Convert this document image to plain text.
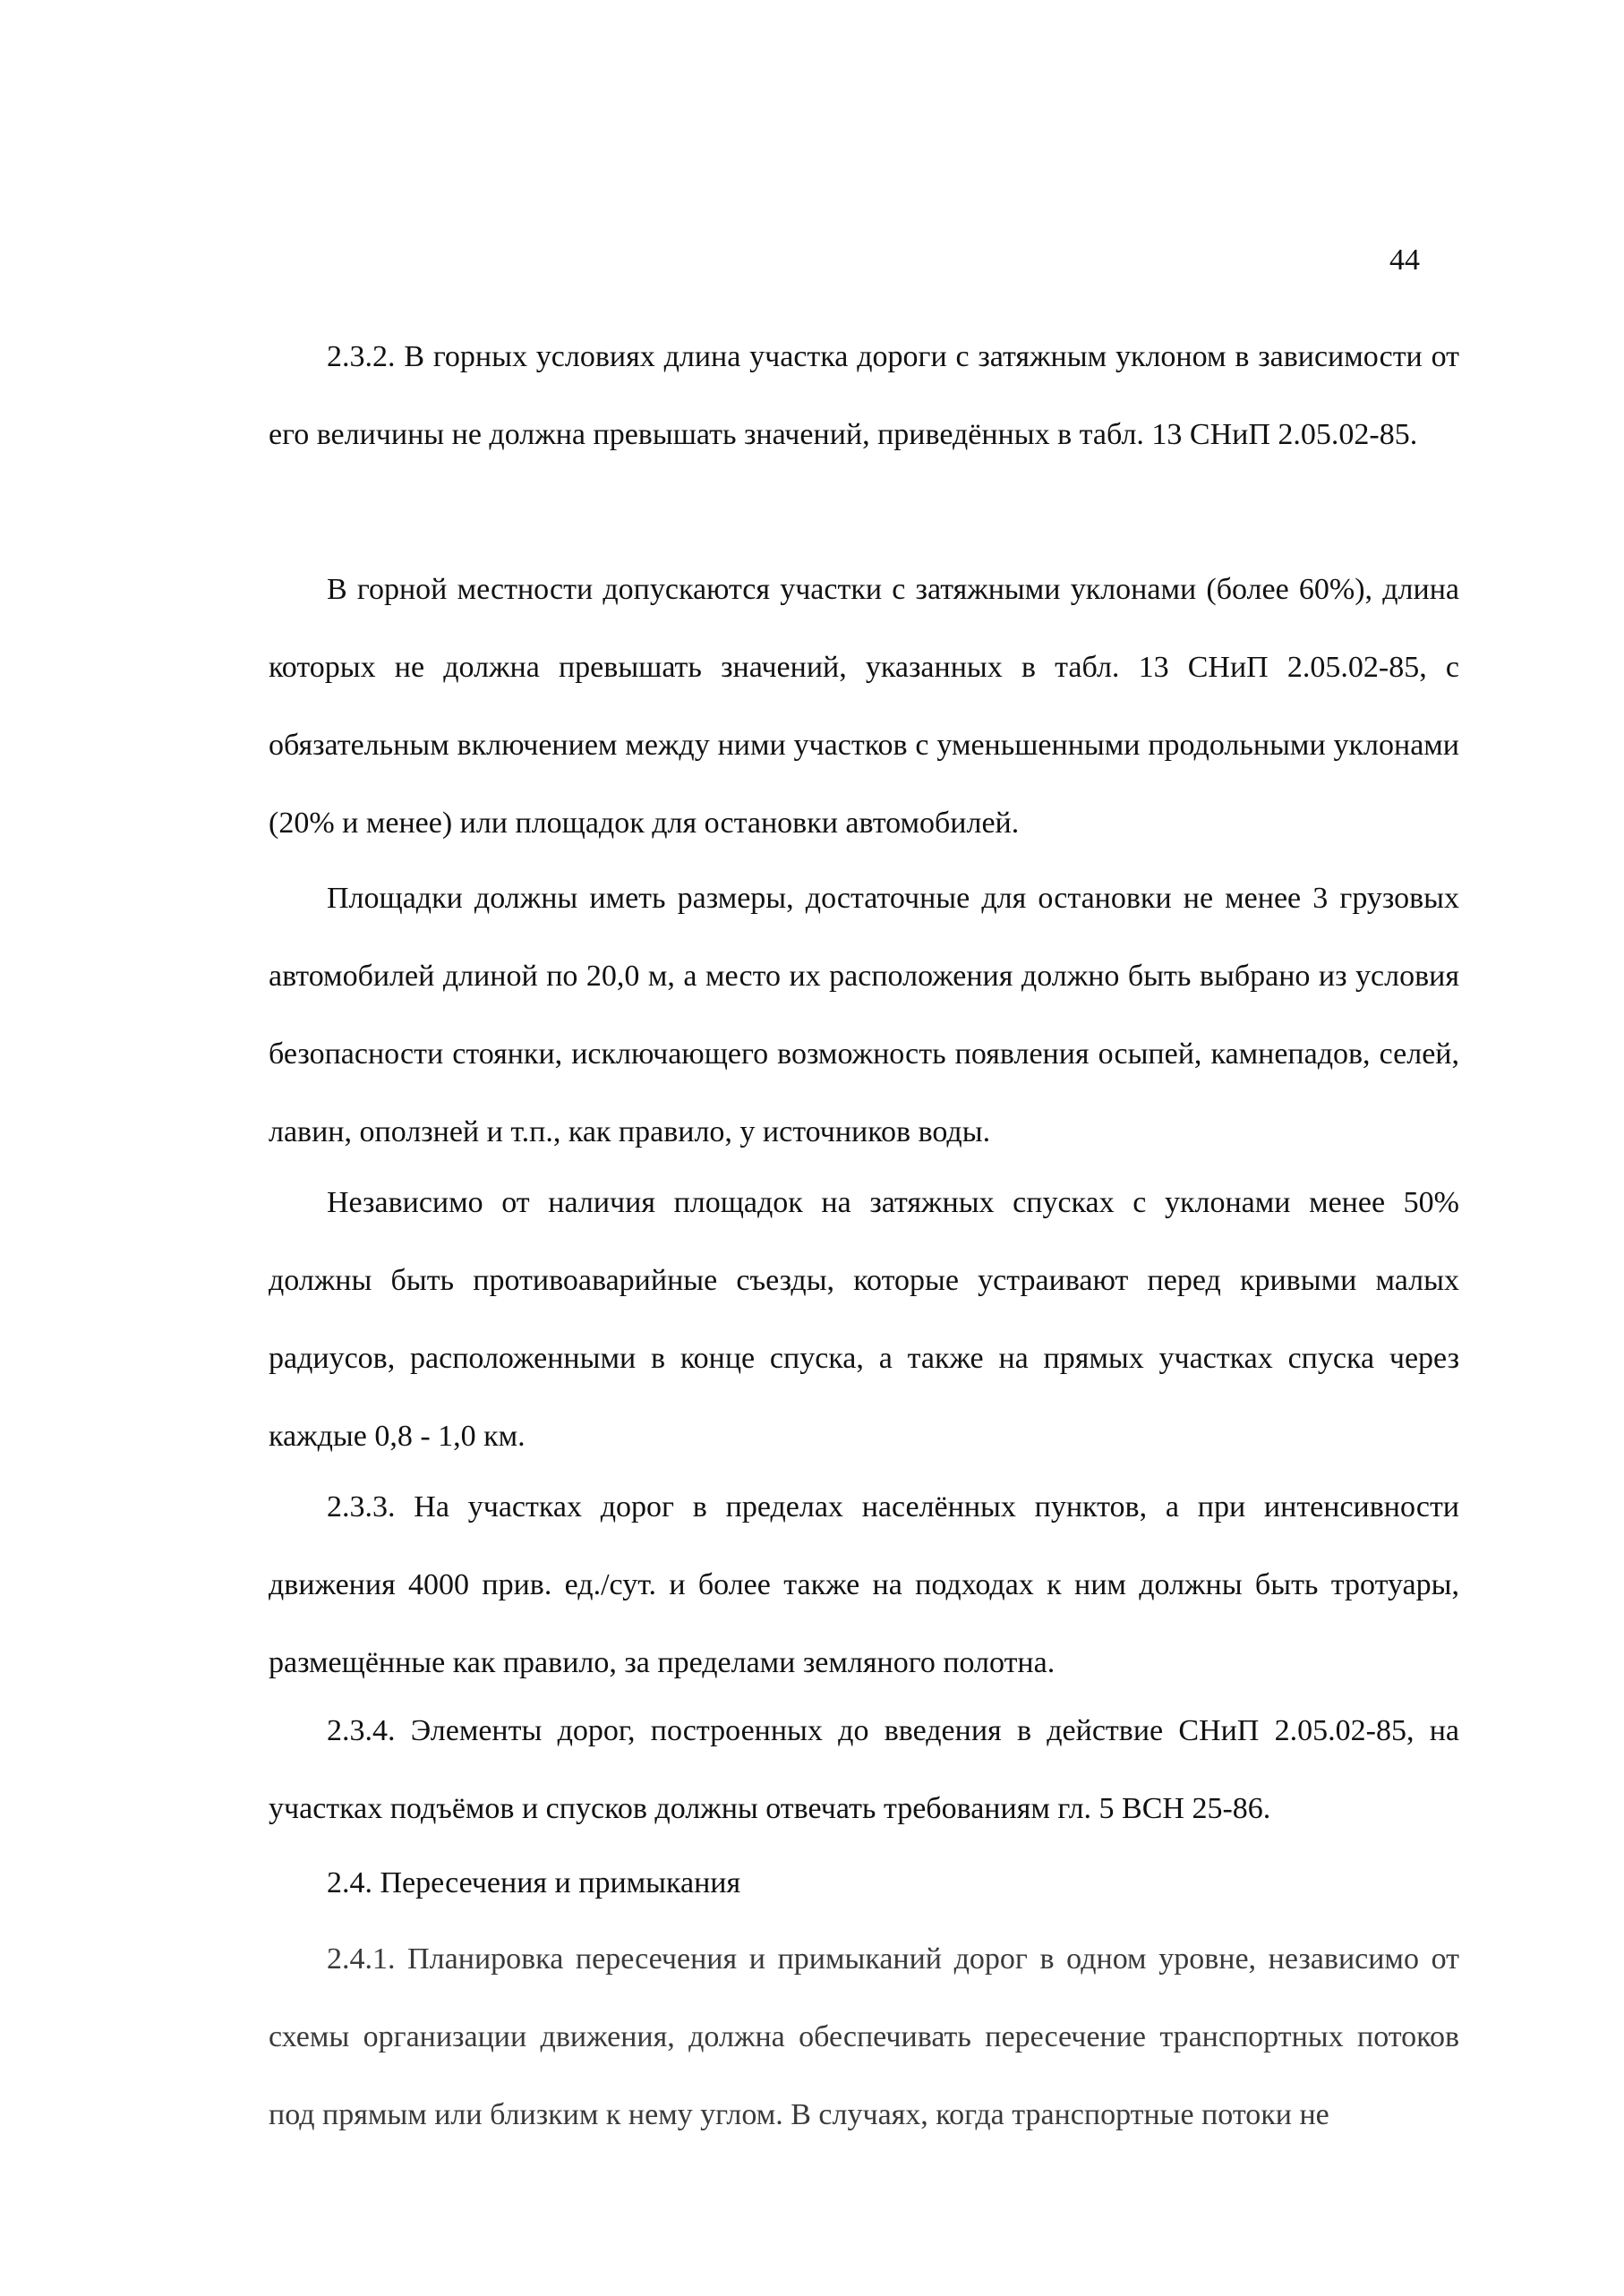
44

2.3.2. В горных условиях длина участка дороги с затяжным уклоном в зависимости от его величины не должна превышать значений, приведённых в табл. 13 СНиП 2.05.02-85.

В горной местности допускаются участки с затяжными уклонами (более 60%), длина которых не должна превышать значений, указанных в табл. 13 СНиП 2.05.02-85, с обязательным включением между ними участков с уменьшенными продольными уклонами (20% и менее) или площадок для остановки автомобилей.

Площадки должны иметь размеры, достаточные для остановки не менее 3 грузовых автомобилей длиной по 20,0 м, а место их расположения должно быть выбрано из условия безопасности стоянки, исключающего возможность появления осыпей, камнепадов, селей, лавин, оползней и т.п., как правило, у источников воды.

Независимо от наличия площадок на затяжных спусках с уклонами менее 50% должны быть противоаварийные съезды, которые устраивают перед кривыми малых радиусов, расположенными в конце спуска, а также на прямых участках спуска через каждые 0,8 - 1,0 км.

2.3.3. На участках дорог в пределах населённых пунктов, а при интенсивности движения 4000 прив. ед./сут. и более также на подходах к ним должны быть тротуары, размещённые как правило, за пределами земляного полотна.

2.3.4. Элементы дорог, построенных до введения в действие СНиП 2.05.02-85, на участках подъёмов и спусков должны отвечать требованиям гл. 5 ВСН 25-86.

2.4. Пересечения и примыкания

2.4.1. Планировка пересечения и примыканий дорог в одном уровне, независимо от схемы организации движения, должна обеспечивать пересечение транспортных потоков под прямым или близким к нему углом. В случаях, когда транспортные потоки не
